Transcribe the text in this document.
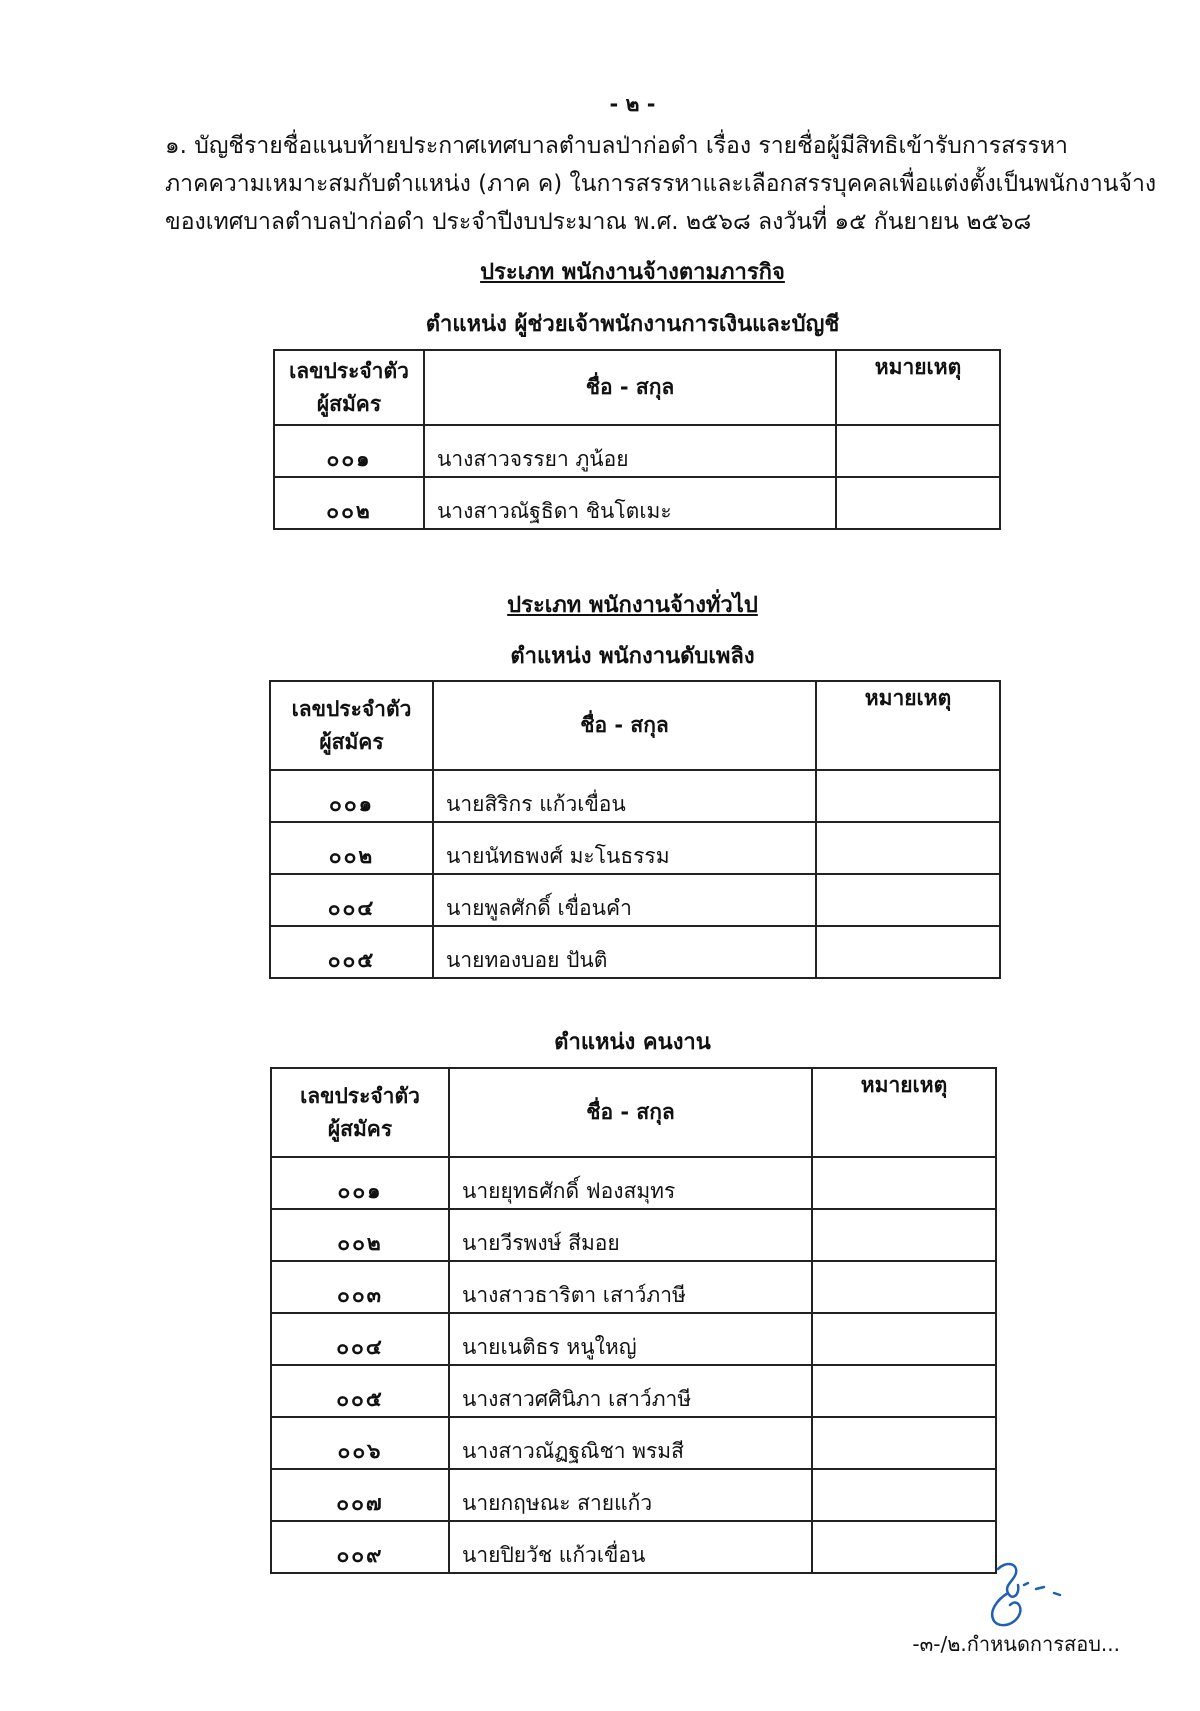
- ๒ -

๑. บัญชีรายชื่อแนบท้ายประกาศเทศบาลตำบลป่าก่อดำ เรื่อง รายชื่อผู้มีสิทธิเข้ารับการสรรหา

ภาคความเหมาะสมกับตำแหน่ง (ภาค ค) ในการสรรหาและเลือกสรรบุคคลเพื่อแต่งตั้งเป็นพนักงานจ้าง

ของเทศบาลตำบลป่าก่อดำ ประจำปีงบประมาณ พ.ศ. ๒๕๖๘ ลงวันที่ ๑๕ กันยายน ๒๕๖๘

ประเภท พนักงานจ้างตามภารกิจ
ตำแหน่ง ผู้ช่วยเจ้าพนักงานการเงินและบัญชี
เลขประจำตัว
ผู้สมัคร	ชื่อ - สกุล	หมายเหตุ
๐๐๑	นางสาวจรรยา ภูน้อย	
๐๐๒	นางสาวณัฐธิดา ชินโตเมะ	
ประเภท พนักงานจ้างทั่วไป
ตำแหน่ง พนักงานดับเพลิง
เลขประจำตัว
ผู้สมัคร	ชื่อ - สกุล	หมายเหตุ
๐๐๑	นายสิริกร แก้วเขื่อน	
๐๐๒	นายนัทธพงศ์ มะโนธรรม	
๐๐๔	นายพูลศักดิ์ เขื่อนคำ	
๐๐๕	นายทองบอย ปันติ	
ตำแหน่ง คนงาน
เลขประจำตัว
ผู้สมัคร	ชื่อ - สกุล	หมายเหตุ
๐๐๑	นายยุทธศักดิ์ ฟองสมุทร	
๐๐๒	นายวีรพงษ์ สีมอย	
๐๐๓	นางสาวธาริตา เสาว์ภาษี	
๐๐๔	นายเนติธร หนูใหญ่	
๐๐๕	นางสาวศศินิภา เสาว์ภาษี	
๐๐๖	นางสาวณัฏฐณิชา พรมสี	
๐๐๗	นายกฤษณะ สายแก้ว	
๐๐๙	นายปิยวัช แก้วเขื่อน	
-๓-/๒.กำหนดการสอบ...
